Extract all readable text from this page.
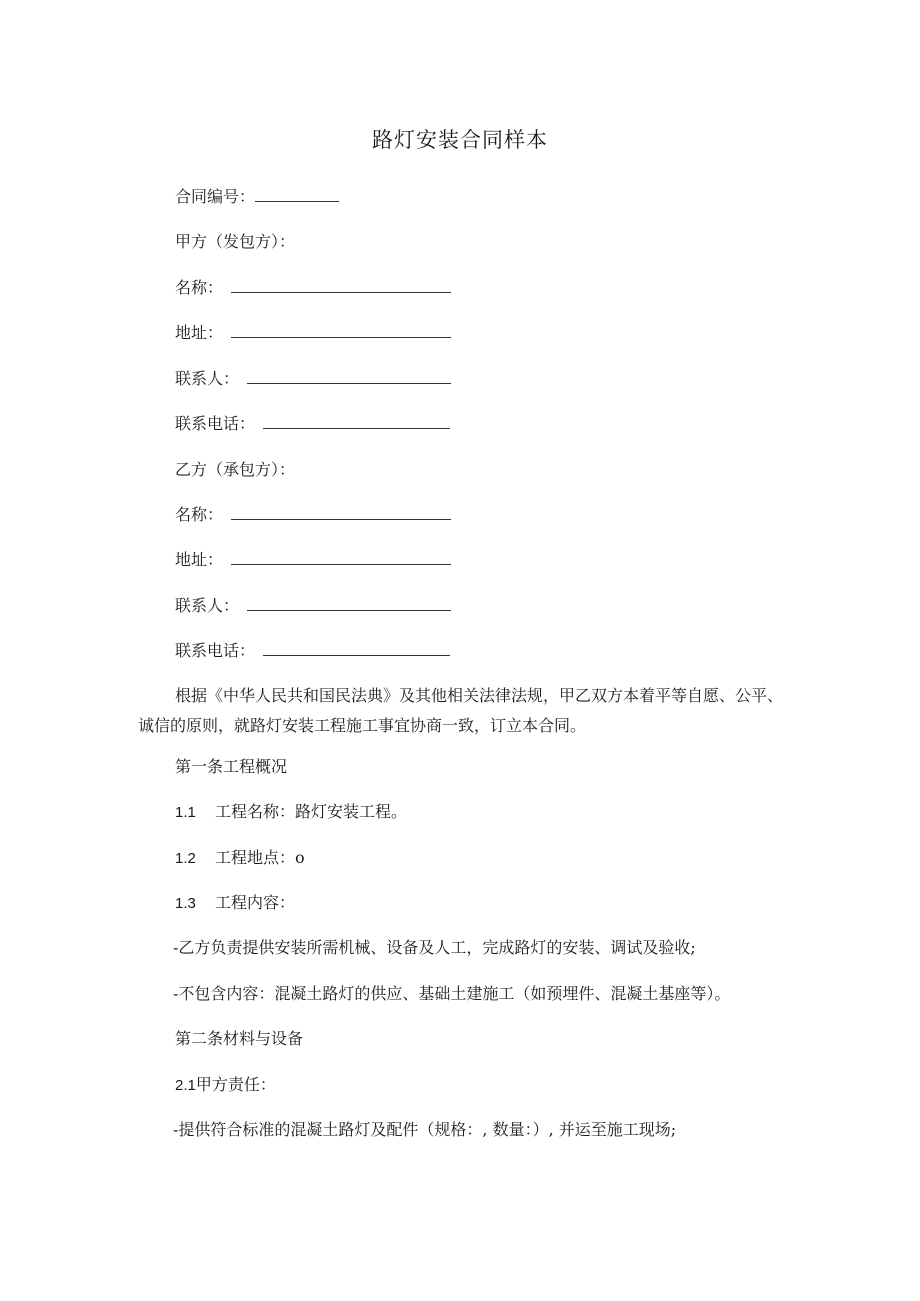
路灯安装合同样本
合同编号：
甲方（发包方）：
名称：
地址：
联系人：
联系电话：
乙方（承包方）：
名称：
地址：
联系人：
联系电话：
根据《中华人民共和国民法典》及其他相关法律法规，甲乙双方本着平等自愿、公平、诚信的原则，就路灯安装工程施工事宜协商一致，订立本合同。
第一条工程概况
1.1 工程名称：路灯安装工程。
1.2 工程地点：o
1.3 工程内容：
-乙方负责提供安装所需机械、设备及人工，完成路灯的安装、调试及验收;
-不包含内容：混凝土路灯的供应、基础土建施工（如预埋件、混凝土基座等）。
第二条材料与设备
2.1甲方责任：
-提供符合标准的混凝土路灯及配件（规格：, 数量：）, 并运至施工现场;
